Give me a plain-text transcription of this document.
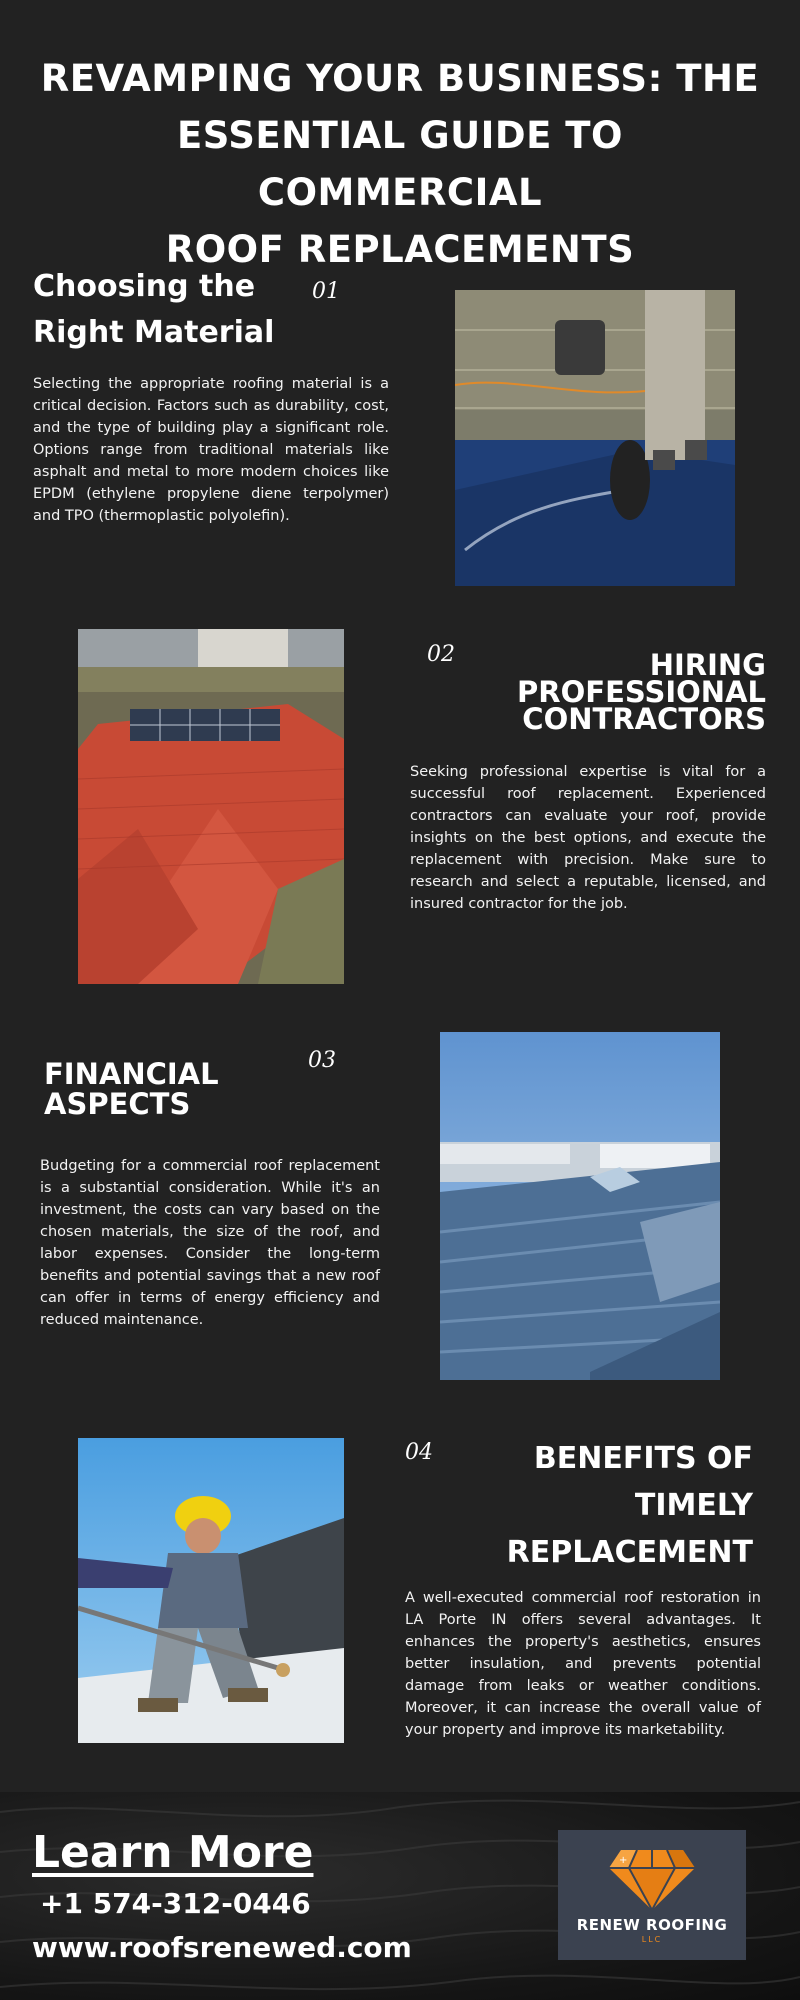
REVAMPING YOUR BUSINESS: THE
ESSENTIAL GUIDE TO COMMERCIAL
ROOF REPLACEMENTS
Choosing the
Right Material
01
Selecting the appropriate roofing material is a critical decision. Factors such as durability, cost, and the type of building play a significant role. Options range from traditional materials like asphalt and metal to more modern choices like EPDM (ethylene propylene diene terpolymer) and TPO (thermoplastic polyolefin).
02	HIRING
PROFESSIONAL
CONTRACTORS
Seeking professional expertise is vital for a successful roof replacement. Experienced contractors can evaluate your roof, provide insights on the best options, and execute the replacement with precision. Make sure to research and select a reputable, licensed, and insured contractor for the job.
FINANCIAL
ASPECTS
03
Budgeting for a commercial roof replacement is a substantial consideration. While it's an investment, the costs can vary based on the chosen materials, the size of the roof, and labor expenses. Consider the long-term benefits and potential savings that a new roof can offer in terms of energy efficiency and reduced maintenance.
04	BENEFITS OF
TIMELY
REPLACEMENT
A well-executed commercial roof restoration in LA Porte IN offers several advantages. It enhances the property's aesthetics, ensures better insulation, and prevents potential damage from leaks or weather conditions. Moreover, it can increase the overall value of your property and improve its marketability.
Learn More
+1 574-312-0446
www.roofsrenewed.com
+
RENEW ROOFING
LLC
